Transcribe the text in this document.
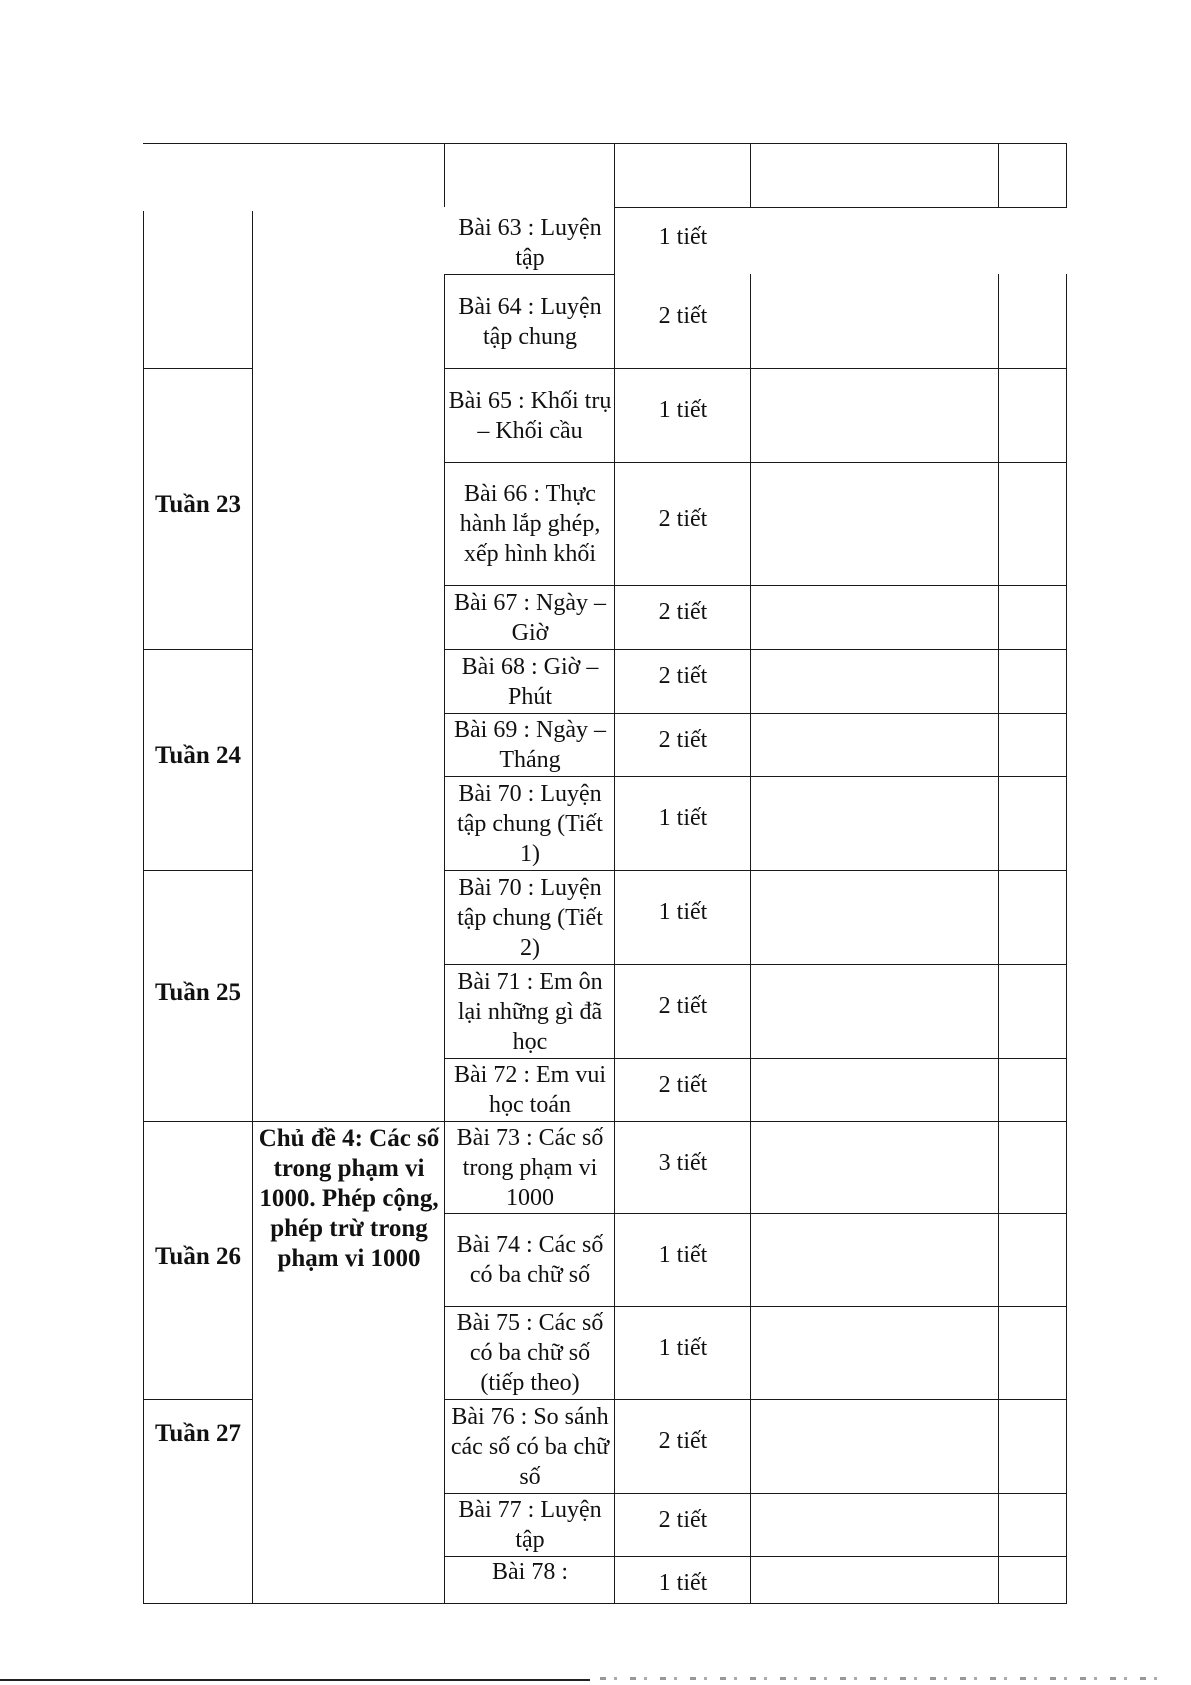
Bài 63 : Luyện tập
Bài 64 : Luyện tập chung
Bài 65 : Khối trụ – Khối cầu
Bài 66 : Thực hành lắp ghép, xếp hình khối
Bài 67 : Ngày – Giờ
Bài 68 : Giờ – Phút
Bài 69 : Ngày – Tháng
Bài 70 : Luyện tập chung (Tiết 1)
Bài 70 : Luyện tập chung (Tiết 2)
Bài 71 : Em ôn lại những gì đã học
Bài 72 : Em vui học toán
Bài 73 : Các số trong phạm vi 1000
Bài 74 : Các số có ba chữ số
Bài 75 : Các số có ba chữ số (tiếp theo)
Bài 76 : So sánh các số có ba chữ số
Bài 77 : Luyện tập
Bài 78 :
1 tiết
2 tiết
1 tiết
2 tiết
2 tiết
2 tiết
2 tiết
1 tiết
1 tiết
2 tiết
2 tiết
3 tiết
1 tiết
1 tiết
2 tiết
2 tiết
1 tiết
Tuần 23
Tuần 24
Tuần 25
Tuần 26
Tuần 27
Chủ đề 4: Các số trong phạm vi 1000. Phép cộng, phép trừ trong phạm vi 1000
